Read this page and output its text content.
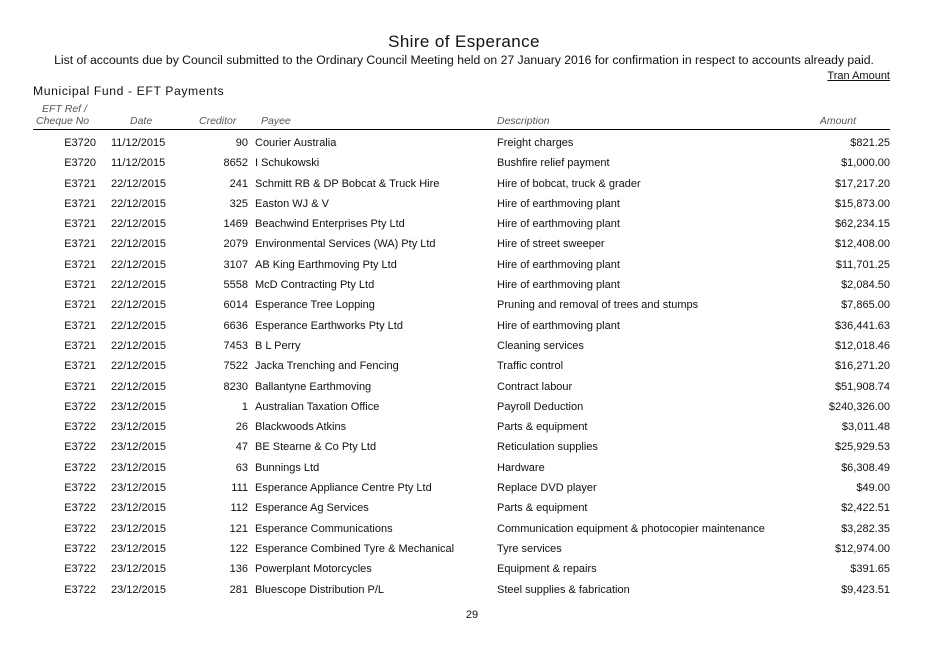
Shire of Esperance
List of accounts due by Council submitted to the Ordinary Council Meeting held on 27 January 2016 for confirmation in respect to accounts already paid.
Tran Amount
Municipal Fund - EFT Payments
EFT Ref /
Cheque No	Date	Creditor Payee	Description	Amount
E3720 11/12/2015	90 Courier Australia	Freight charges	$821.25
E3720 11/12/2015	8652 I Schukowski	Bushfire relief payment	$1,000.00
E3721 22/12/2015	241 Schmitt RB & DP Bobcat & Truck Hire	Hire of bobcat, truck & grader	$17,217.20
E3721 22/12/2015	325 Easton WJ & V	Hire of earthmoving plant	$15,873.00
E3721 22/12/2015	1469 Beachwind Enterprises Pty Ltd	Hire of earthmoving plant	$62,234.15
E3721 22/12/2015	2079 Environmental Services (WA) Pty Ltd	Hire of street sweeper	$12,408.00
E3721 22/12/2015	3107 AB King Earthmoving Pty Ltd	Hire of earthmoving plant	$11,701.25
E3721 22/12/2015	5558 McD Contracting Pty Ltd	Hire of earthmoving plant	$2,084.50
E3721 22/12/2015	6014 Esperance Tree Lopping	Pruning and removal of trees and stumps	$7,865.00
E3721 22/12/2015	6636 Esperance Earthworks Pty Ltd	Hire of earthmoving plant	$36,441.63
E3721 22/12/2015	7453 B L Perry	Cleaning services	$12,018.46
E3721 22/12/2015	7522 Jacka Trenching and Fencing	Traffic control	$16,271.20
E3721 22/12/2015	8230 Ballantyne Earthmoving	Contract labour	$51,908.74
E3722 23/12/2015	1 Australian Taxation Office	Payroll Deduction	$240,326.00
E3722 23/12/2015	26 Blackwoods Atkins	Parts & equipment	$3,011.48
E3722 23/12/2015	47 BE Stearne & Co Pty Ltd	Reticulation supplies	$25,929.53
E3722 23/12/2015	63 Bunnings Ltd	Hardware	$6,308.49
E3722 23/12/2015	111 Esperance Appliance Centre Pty Ltd	Replace DVD player	$49.00
E3722 23/12/2015	112 Esperance Ag Services	Parts & equipment	$2,422.51
E3722 23/12/2015	121 Esperance Communications	Communication equipment & photocopier maintenance	$3,282.35
E3722 23/12/2015	122 Esperance Combined Tyre & Mechanical	Tyre services	$12,974.00
E3722 23/12/2015	136 Powerplant Motorcycles	Equipment & repairs	$391.65
E3722 23/12/2015	281 Bluescope Distribution P/L	Steel supplies & fabrication	$9,423.51
29
